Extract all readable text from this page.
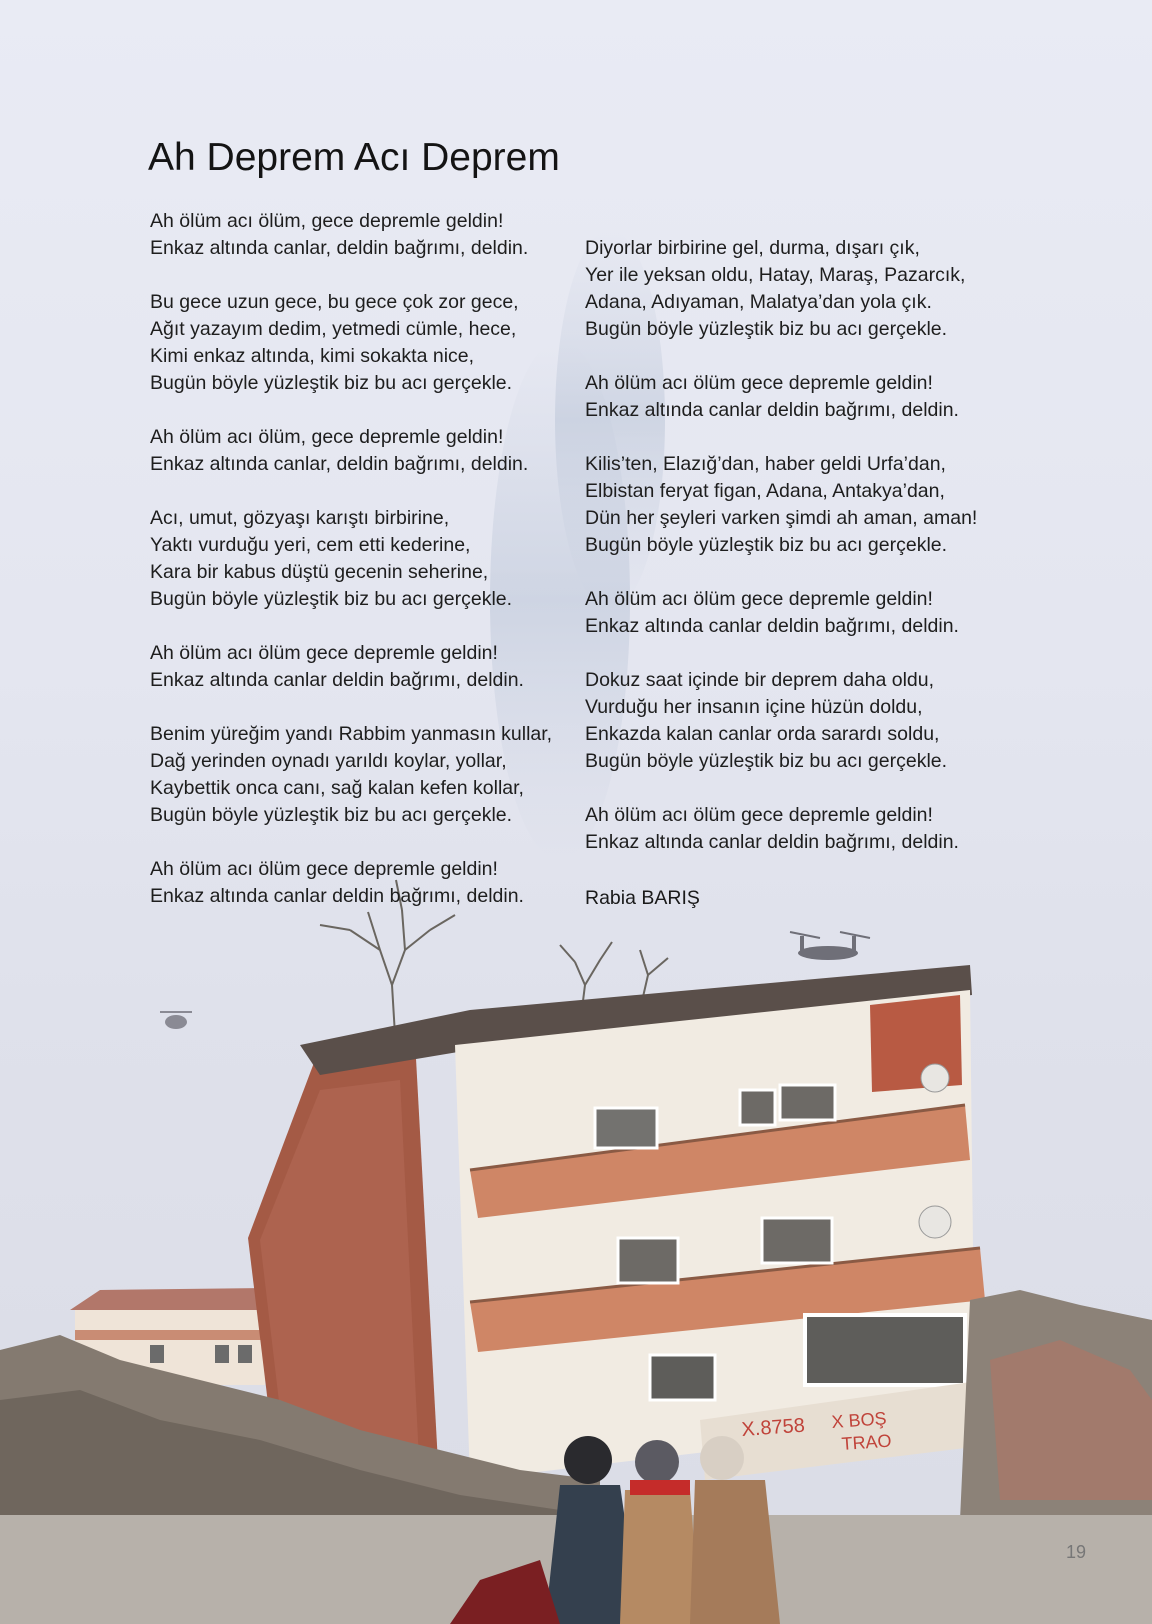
X.8758 X BOŞ
TRAO
Ah Deprem Acı Deprem
Ah ölüm acı ölüm, gece depremle geldin!
Enkaz altında canlar, deldin bağrımı, deldin.
Bu gece uzun gece, bu gece çok zor gece,
Ağıt yazayım dedim, yetmedi cümle, hece,
Kimi enkaz altında, kimi sokakta nice,
Bugün böyle yüzleştik biz bu acı gerçekle.
Ah ölüm acı ölüm, gece depremle geldin!
Enkaz altında canlar, deldin bağrımı, deldin.
Acı, umut, gözyaşı karıştı birbirine,
Yaktı vurduğu yeri, cem etti kederine,
Kara bir kabus düştü gecenin seherine,
Bugün böyle yüzleştik biz bu acı gerçekle.
Ah ölüm acı ölüm gece depremle geldin!
Enkaz altında canlar deldin bağrımı, deldin.
Benim yüreğim yandı Rabbim yanmasın kullar,
Dağ yerinden oynadı yarıldı koylar, yollar,
Kaybettik onca canı, sağ kalan kefen kollar,
Bugün böyle yüzleştik biz bu acı gerçekle.
Ah ölüm acı ölüm gece depremle geldin!
Enkaz altında canlar deldin bağrımı, deldin.
Diyorlar birbirine gel, durma, dışarı çık,
Yer ile yeksan oldu, Hatay, Maraş, Pazarcık,
Adana, Adıyaman, Malatya’dan yola çık.
Bugün böyle yüzleştik biz bu acı gerçekle.
Ah ölüm acı ölüm gece depremle geldin!
Enkaz altında canlar deldin bağrımı, deldin.
Kilis’ten, Elazığ’dan, haber geldi Urfa’dan,
Elbistan feryat figan, Adana, Antakya’dan,
Dün her şeyleri varken şimdi ah aman, aman!
Bugün böyle yüzleştik biz bu acı gerçekle.
Ah ölüm acı ölüm gece depremle geldin!
Enkaz altında canlar deldin bağrımı, deldin.
Dokuz saat içinde bir deprem daha oldu,
Vurduğu her insanın içine hüzün doldu,
Enkazda kalan canlar orda sarardı soldu,
Bugün böyle yüzleştik biz bu acı gerçekle.
Ah ölüm acı ölüm gece depremle geldin!
Enkaz altında canlar deldin bağrımı, deldin.
Rabia BARIŞ
19
